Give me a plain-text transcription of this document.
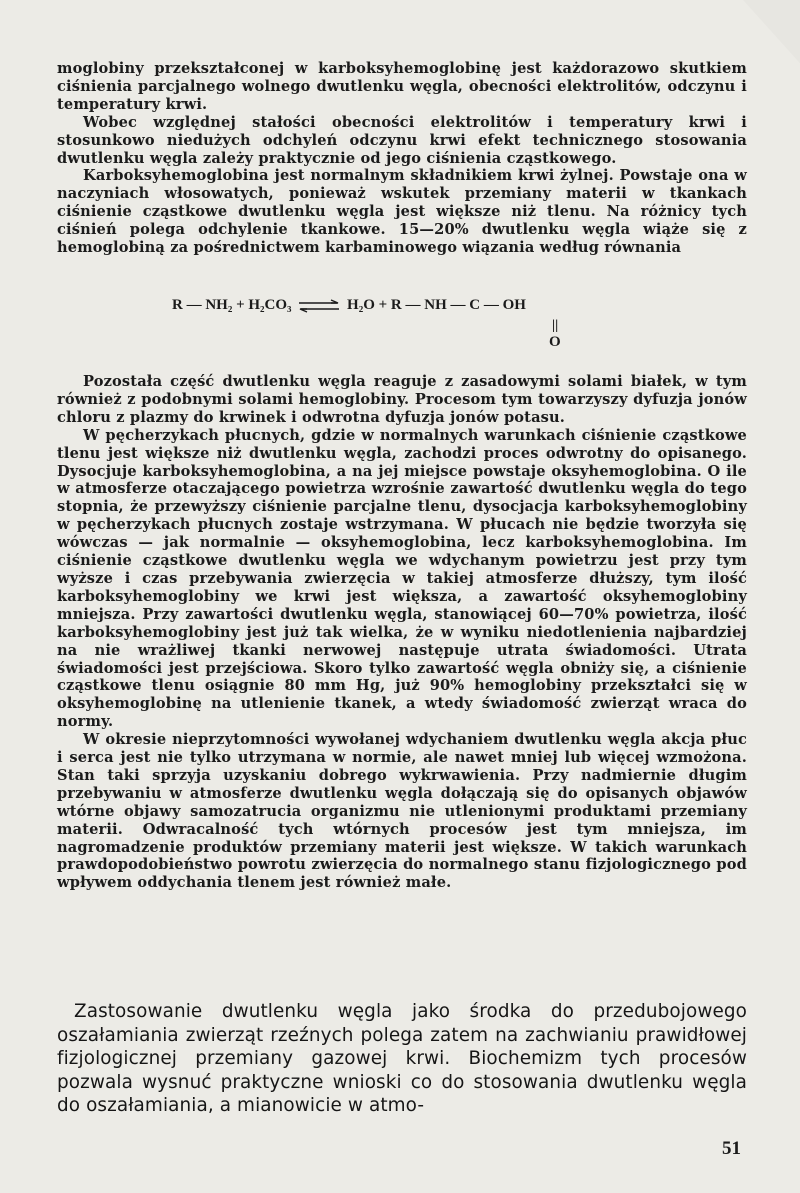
moglobiny przekształconej w karboksyhemoglobinę jest każdorazowo skutkiem ciśnienia parcjalnego wolnego dwutlenku węgla, obecności elektrolitów, odczynu i temperatury krwi.

Wobec względnej stałości obecności elektrolitów i temperatury krwi i stosunkowo niedużych odchyleń odczynu krwi efekt technicznego stosowania dwutlenku węgla zależy praktycznie od jego ciśnienia cząstkowego.

Karboksyhemoglobina jest normalnym składnikiem krwi żylnej. Powstaje ona w naczyniach włosowatych, ponieważ wskutek przemiany materii w tkankach ciśnienie cząstkowe dwutlenku węgla jest większe niż tlenu. Na różnicy tych ciśnień polega odchylenie tkankowe. 15—20% dwutlenku węgla wiąże się z hemoglobiną za pośrednictwem karbaminowego wiązania według równania

R — NH₂ + H₂CO₃ ⇌ H₂O + R — NH — C — OH
||
O

Pozostała część dwutlenku węgla reaguje z zasadowymi solami białek, w tym również z podobnymi solami hemoglobiny. Procesom tym towarzyszy dyfuzja jonów chloru z plazmy do krwinek i odwrotna dyfuzja jonów potasu.

W pęcherzykach płucnych, gdzie w normalnych warunkach ciśnienie cząstkowe tlenu jest większe niż dwutlenku węgla, zachodzi proces odwrotny do opisanego. Dysocjuje karboksyhemoglobina, a na jej miejsce powstaje oksyhemoglobina. O ile w atmosferze otaczającego powietrza wzrośnie zawartość dwutlenku węgla do tego stopnia, że przewyższy ciśnienie parcjalne tlenu, dysocjacja karboksyhemoglobiny w pęcherzykach płucnych zostaje wstrzymana. W płucach nie będzie tworzyła się wówczas — jak normalnie — oksyhemoglobina, lecz karboksyhemoglobina. Im ciśnienie cząstkowe dwutlenku węgla we wdychanym powietrzu jest przy tym wyższe i czas przebywania zwierzęcia w takiej atmosferze dłuższy, tym ilość karboksyhemoglobiny we krwi jest większa, a zawartość oksyhemoglobiny mniejsza. Przy zawartości dwutlenku węgla, stanowiącej 60—70% powietrza, ilość karboksyhemoglobiny jest już tak wielka, że w wyniku niedotlenienia najbardziej na nie wrażliwej tkanki nerwowej następuje utrata świadomości. Utrata świadomości jest przejściowa. Skoro tylko zawartość węgla obniży się, a ciśnienie cząstkowe tlenu osiągnie 80 mm Hg, już 90% hemoglobiny przekształci się w oksyhemoglobinę na utlenienie tkanek, a wtedy świadomość zwierząt wraca do normy.

W okresie nieprzytomności wywołanej wdychaniem dwutlenku węgla akcja płuc i serca jest nie tylko utrzymana w normie, ale nawet mniej lub więcej wzmożona. Stan taki sprzyja uzyskaniu dobrego wykrwawienia. Przy nadmiernie długim przebywaniu w atmosferze dwutlenku węgla dołączają się do opisanych objawów wtórne objawy samozatrucia organizmu nie utlenionymi produktami przemiany materii. Odwracalność tych wtórnych procesów jest tym mniejsza, im nagromadzenie produktów przemiany materii jest większe. W takich warunkach prawdopodobieństwo powrotu zwierzęcia do normalnego stanu fizjologicznego pod wpływem oddychania tlenem jest również małe.

Zastosowanie dwutlenku węgla jako środka do przedubojowego oszałamiania zwierząt rzeźnych polega zatem na zachwianiu prawidłowej fizjologicznej przemiany gazowej krwi. Biochemizm tych procesów pozwala wysnuć praktyczne wnioski co do stosowania dwutlenku węgla do oszałamiania, a mianowicie w atmo-

51
